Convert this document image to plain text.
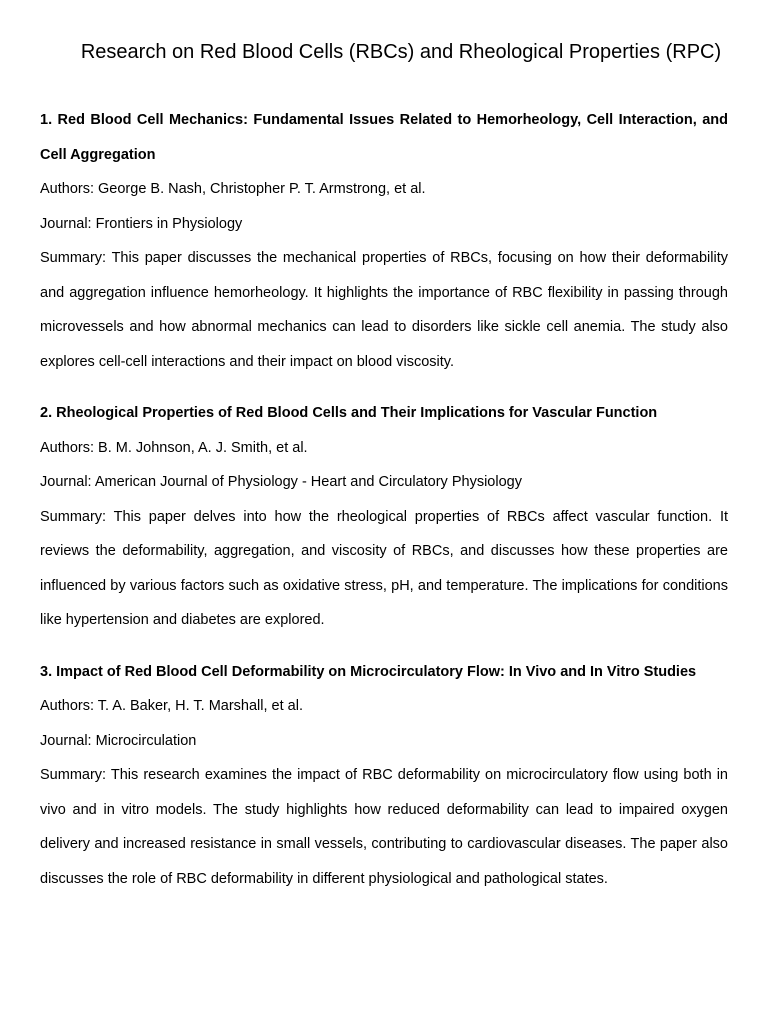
Research on Red Blood Cells (RBCs) and Rheological Properties (RPC)

1. Red Blood Cell Mechanics: Fundamental Issues Related to Hemorheology, Cell Interaction, and Cell Aggregation

Authors: George B. Nash, Christopher P. T. Armstrong, et al.

Journal: Frontiers in Physiology

Summary: This paper discusses the mechanical properties of RBCs, focusing on how their deformability and aggregation influence hemorheology. It highlights the importance of RBC flexibility in passing through microvessels and how abnormal mechanics can lead to disorders like sickle cell anemia. The study also explores cell-cell interactions and their impact on blood viscosity.

2. Rheological Properties of Red Blood Cells and Their Implications for Vascular Function

Authors: B. M. Johnson, A. J. Smith, et al.

Journal: American Journal of Physiology - Heart and Circulatory Physiology

Summary: This paper delves into how the rheological properties of RBCs affect vascular function. It reviews the deformability, aggregation, and viscosity of RBCs, and discusses how these properties are influenced by various factors such as oxidative stress, pH, and temperature. The implications for conditions like hypertension and diabetes are explored.

3. Impact of Red Blood Cell Deformability on Microcirculatory Flow: In Vivo and In Vitro Studies

Authors: T. A. Baker, H. T. Marshall, et al.

Journal: Microcirculation

Summary: This research examines the impact of RBC deformability on microcirculatory flow using both in vivo and in vitro models. The study highlights how reduced deformability can lead to impaired oxygen delivery and increased resistance in small vessels, contributing to cardiovascular diseases. The paper also discusses the role of RBC deformability in different physiological and pathological states.
